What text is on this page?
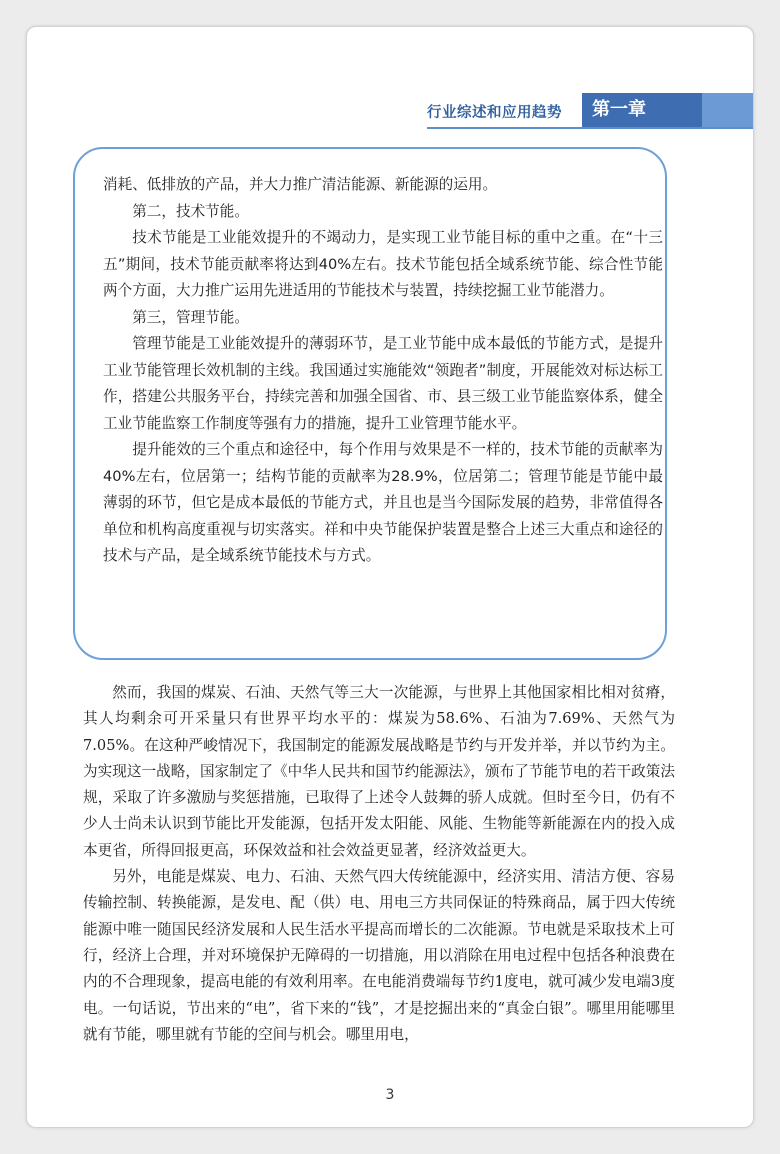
行业综述和应用趋势	第一章

消耗、低排放的产品，并大力推广清洁能源、新能源的运用。

第二，技术节能。

技术节能是工业能效提升的不竭动力，是实现工业节能目标的重中之重。在“十三五”期间，技术节能贡献率将达到40%左右。技术节能包括全域系统节能、综合性节能两个方面，大力推广运用先进适用的节能技术与装置，持续挖掘工业节能潜力。

第三，管理节能。

管理节能是工业能效提升的薄弱环节，是工业节能中成本最低的节能方式，是提升工业节能管理长效机制的主线。我国通过实施能效“领跑者”制度，开展能效对标达标工作，搭建公共服务平台，持续完善和加强全国省、市、县三级工业节能监察体系，健全工业节能监察工作制度等强有力的措施，提升工业管理节能水平。

提升能效的三个重点和途径中，每个作用与效果是不一样的，技术节能的贡献率为40%左右，位居第一；结构节能的贡献率为28.9%，位居第二；管理节能是节能中最薄弱的环节，但它是成本最低的节能方式，并且也是当今国际发展的趋势，非常值得各单位和机构高度重视与切实落实。祥和中央节能保护装置是整合上述三大重点和途径的技术与产品，是全域系统节能技术与方式。

然而，我国的煤炭、石油、天然气等三大一次能源，与世界上其他国家相比相对贫瘠，其人均剩余可开采量只有世界平均水平的：煤炭为58.6%、石油为7.69%、天然气为7.05%。在这种严峻情况下，我国制定的能源发展战略是节约与开发并举，并以节约为主。为实现这一战略，国家制定了《中华人民共和国节约能源法》，颁布了节能节电的若干政策法规，采取了许多激励与奖惩措施，已取得了上述令人鼓舞的骄人成就。但时至今日，仍有不少人士尚未认识到节能比开发能源，包括开发太阳能、风能、生物能等新能源在内的投入成本更省，所得回报更高，环保效益和社会效益更显著，经济效益更大。

另外，电能是煤炭、电力、石油、天然气四大传统能源中，经济实用、清洁方便、容易传输控制、转换能源，是发电、配（供）电、用电三方共同保证的特殊商品，属于四大传统能源中唯一随国民经济发展和人民生活水平提高而增长的二次能源。节电就是采取技术上可行，经济上合理，并对环境保护无障碍的一切措施，用以消除在用电过程中包括各种浪费在内的不合理现象，提高电能的有效利用率。在电能消费端每节约1度电，就可减少发电端3度电。一句话说，节出来的“电”，省下来的“钱”，才是挖掘出来的“真金白银”。哪里用能哪里就有节能，哪里就有节能的空间与机会。哪里用电，

3
